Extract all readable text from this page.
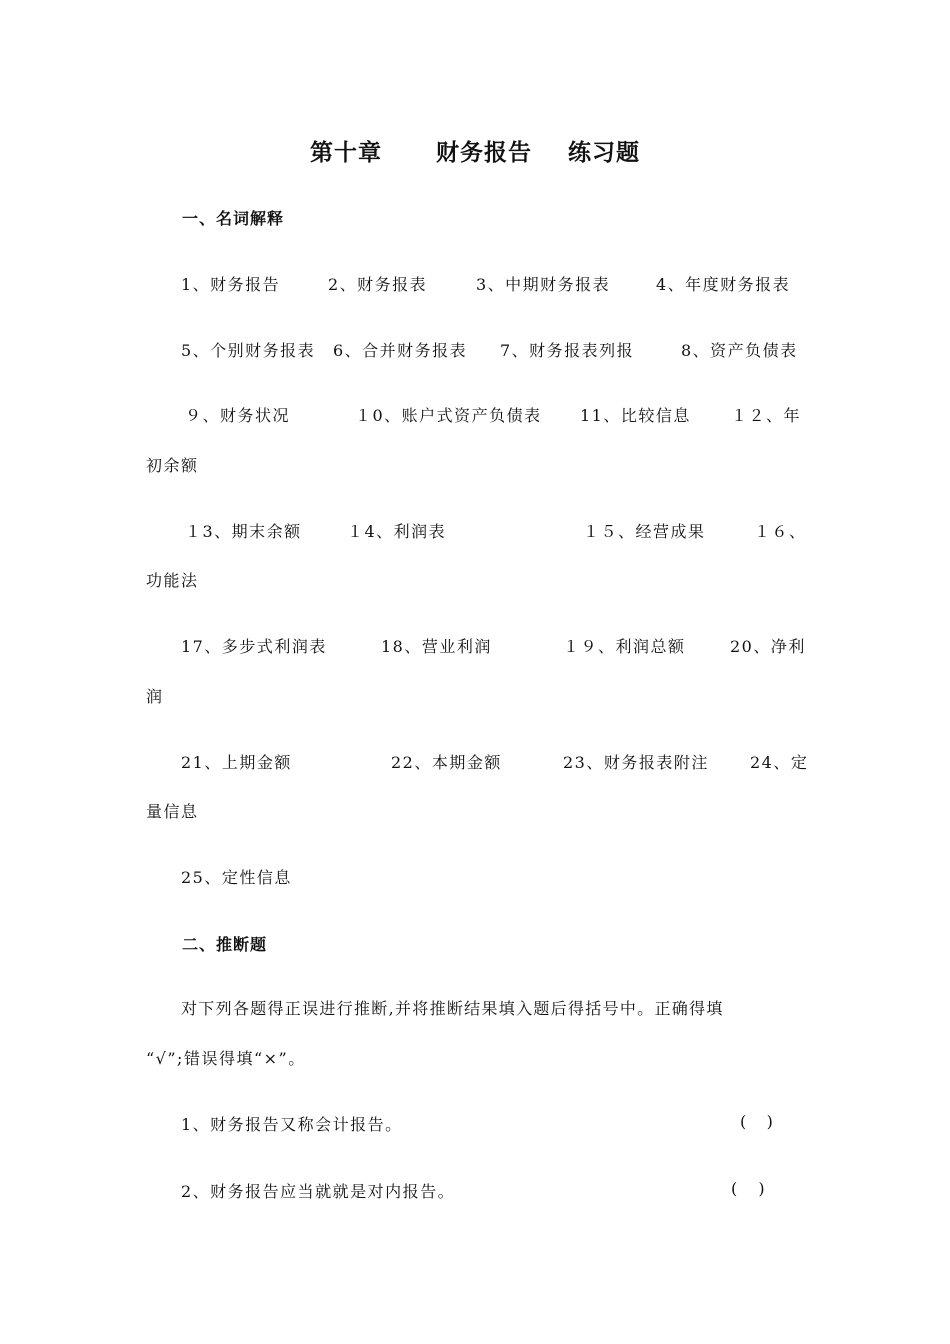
第十章      财务报告    练习题
一、名词解释
1、财务报告	2、财务报表	3、中期财务报表	4、年度财务报表
5、个别财务报表 6、合并财务报表 7、财务报表列报	8、资产负债表
９、财务状况	１0、账户式资产负债表 11、比较信息	１２、年
初余额
１3、期末余额	１4、利润表	１５、经营成果	１６、
功能法
17、多步式利润表	18、营业利润	１９、利润总额	20、净利
润
21、上期金额	22、本期金额	23、财务报表附注	24、定
量信息
25、定性信息
二、推断题
对下列各题得正误进行推断,并将推断结果填入题后得括号中。正确得填
“√”;错误得填“×”。
1、财务报告又称会计报告。	(    )
2、财务报告应当就就是对内报告。	( )
